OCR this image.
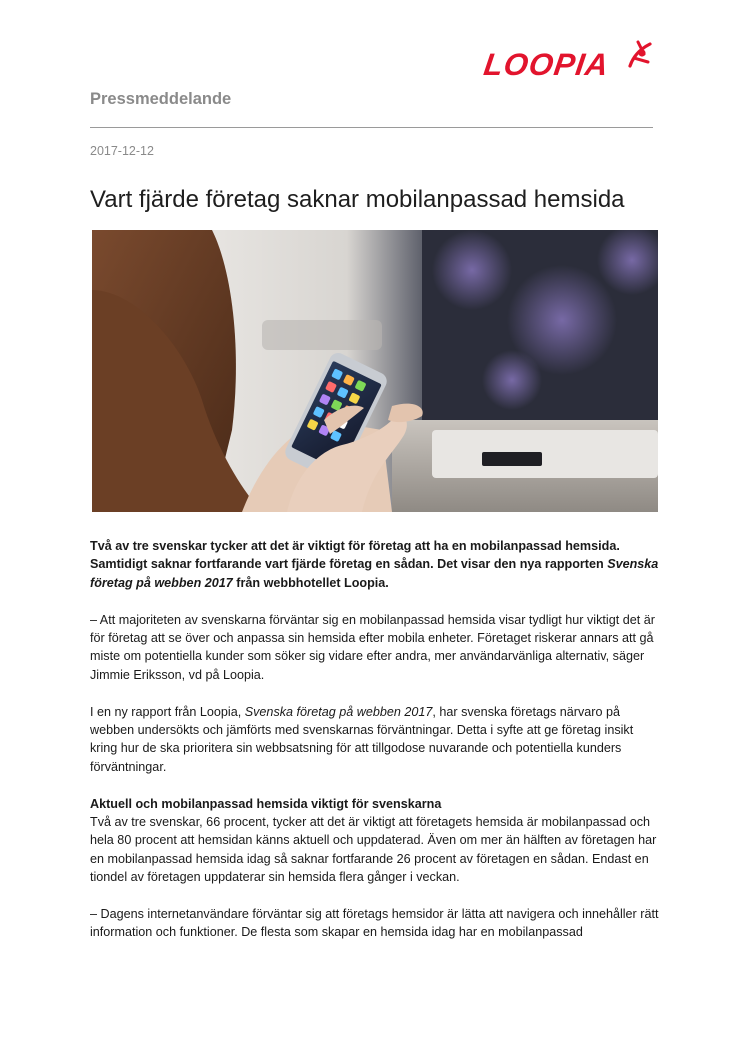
LOOPIA
Pressmeddelande
2017-12-12
Vart fjärde företag saknar mobilanpassad hemsida

Två av tre svenskar tycker att det är viktigt för företag att ha en mobilanpassad hemsida. Samtidigt saknar fortfarande vart fjärde företag en sådan. Det visar den nya rapporten Svenska företag på webben 2017 från webbhotellet Loopia.

– Att majoriteten av svenskarna förväntar sig en mobilanpassad hemsida visar tydligt hur viktigt det är för företag att se över och anpassa sin hemsida efter mobila enheter. Företaget riskerar annars att gå miste om potentiella kunder som söker sig vidare efter andra, mer användarvänliga alternativ, säger Jimmie Eriksson, vd på Loopia.

I en ny rapport från Loopia, Svenska företag på webben 2017, har svenska företags närvaro på webben undersökts och jämförts med svenskarnas förväntningar. Detta i syfte att ge företag insikt kring hur de ska prioritera sin webbsatsning för att tillgodose nuvarande och potentiella kunders förväntningar.

Aktuell och mobilanpassad hemsida viktigt för svenskarna

Två av tre svenskar, 66 procent, tycker att det är viktigt att företagets hemsida är mobilanpassad och hela 80 procent att hemsidan känns aktuell och uppdaterad. Även om mer än hälften av företagen har en mobilanpassad hemsida idag så saknar fortfarande 26 procent av företagen en sådan. Endast en tiondel av företagen uppdaterar sin hemsida flera gånger i veckan.

– Dagens internetanvändare förväntar sig att företags hemsidor är lätta att navigera och innehåller rätt information och funktioner. De flesta som skapar en hemsida idag har en mobilanpassad
